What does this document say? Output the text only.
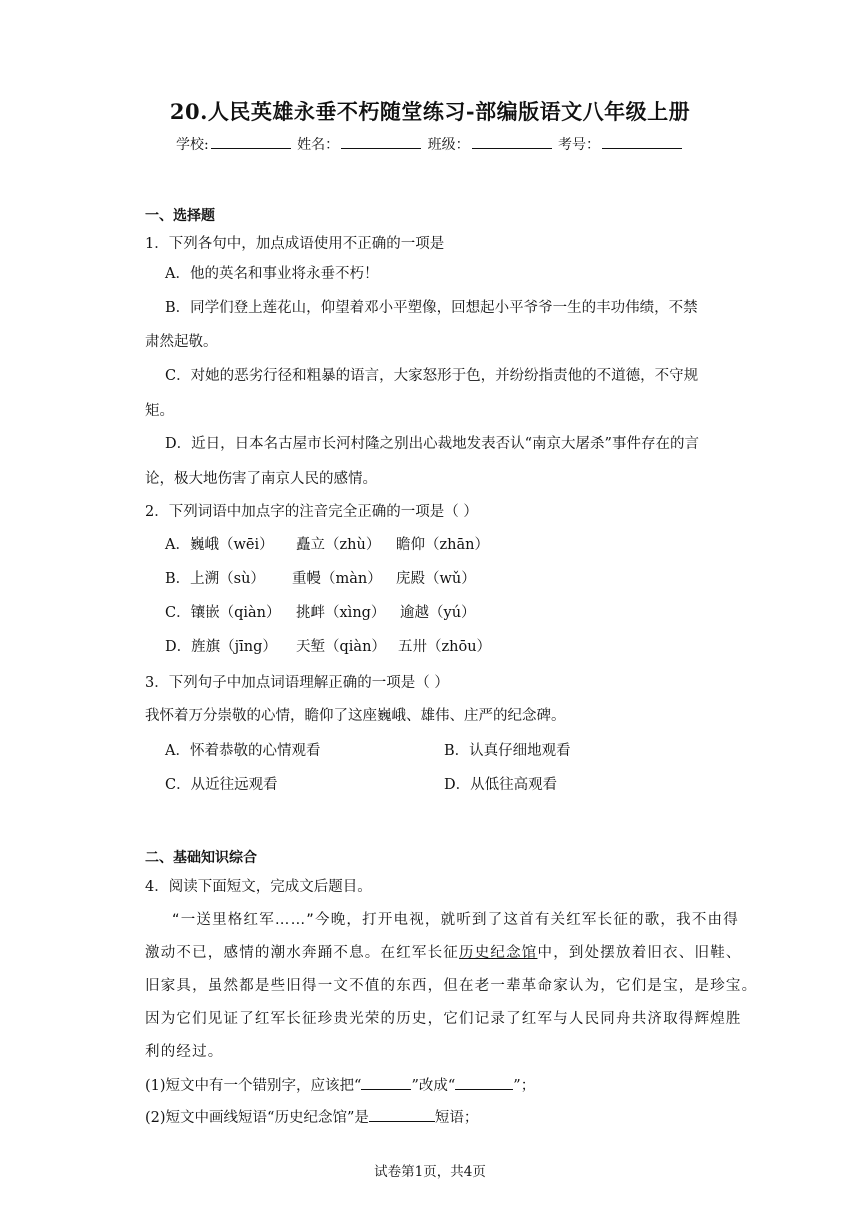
20.人民英雄永垂不朽随堂练习-部编版语文八年级上册
学校:	姓名：	班级：	考号：
一、选择题
1．下列各句中，加点成语使用不正确的一项是
A．他的英名和事业将永垂不朽！
B．同学们登上莲花山，仰望着邓小平塑像，回想起小平爷爷一生的丰功伟绩，不禁
肃然起敬。
C．对她的恶劣行径和粗暴的语言，大家怒形于色，并纷纷指责他的不道德，不守规
矩。
D．近日，日本名古屋市长河村隆之别出心裁地发表否认“南京大屠杀”事件存在的言
论，极大地伤害了南京人民的感情。
2．下列词语中加点字的注音完全正确的一项是（ ）
A．巍峨（wēi） 矗立（zhù） 瞻仰（zhān）
B．上溯（sù） 重幔（màn） 庑殿（wǔ）
C．镶嵌（qiàn） 挑衅（xìng） 逾越（yú）
D．旌旗（jīng） 天堑（qiàn） 五卅（zhōu）
3．下列句子中加点词语理解正确的一项是（ ）
我怀着万分崇敬的心情，瞻仰了这座巍峨、雄伟、庄严的纪念碑。
A．怀着恭敬的心情观看	B．认真仔细地观看
C．从近往远观看	D．从低往高观看
二、基础知识综合
4．阅读下面短文，完成文后题目。
“一送里格红军……”今晚，打开电视，就听到了这首有关红军长征的歌，我不由得
激动不已，感情的潮水奔踊不息。在红军长征历史纪念馆中，到处摆放着旧衣、旧鞋、
旧家具，虽然都是些旧得一文不值的东西，但在老一辈革命家认为，它们是宝，是珍宝。
因为它们见证了红军长征珍贵光荣的历史，它们记录了红军与人民同舟共济取得辉煌胜
利的经过。
(1)短文中有一个错别字，应该把“	”改成“	”；
(2)短文中画线短语“历史纪念馆”是	短语；
试卷第1页，共4页
